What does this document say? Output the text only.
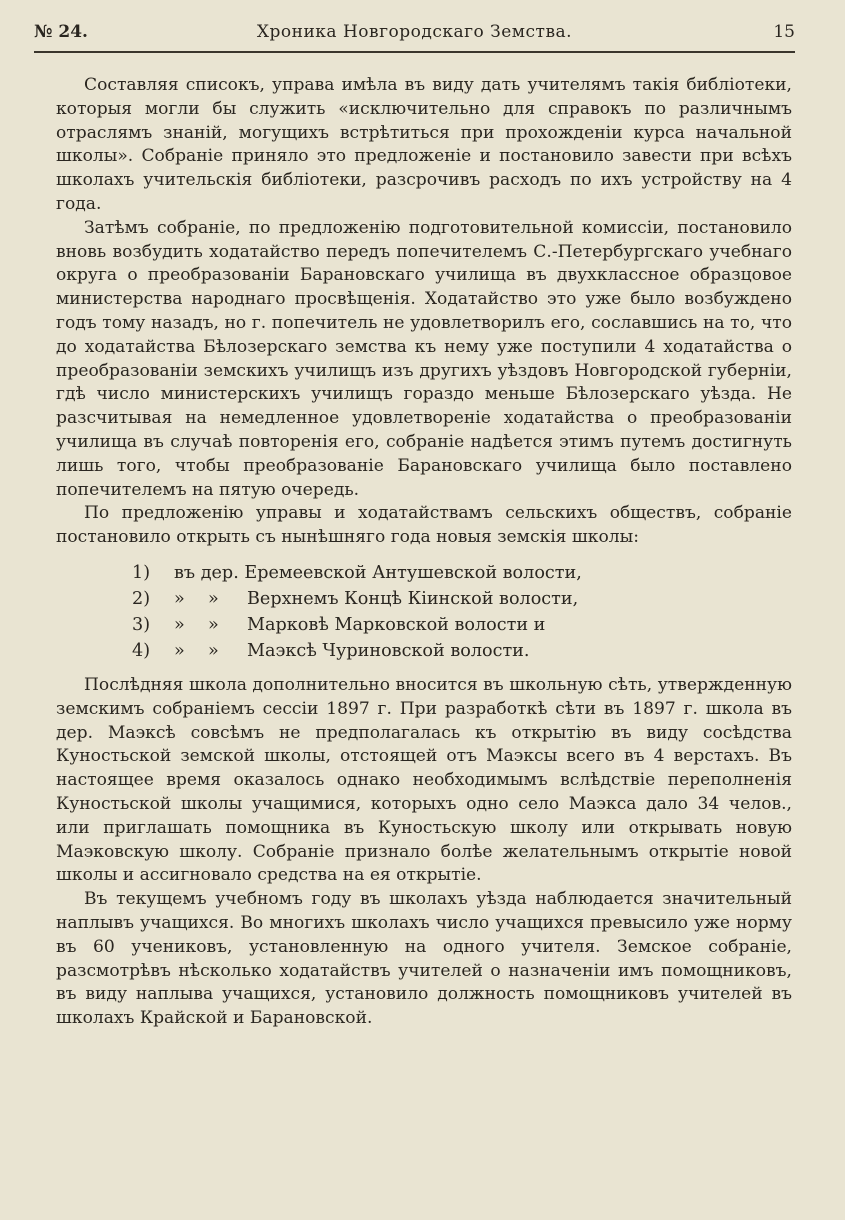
№ 24.	Хроника Новгородскаго Земства.	15

Составляя списокъ, управа имѣла въ виду дать учителямъ такія библіотеки, которыя могли бы служить «исключительно для справокъ по различнымъ отраслямъ знаній, могущихъ встрѣтиться при прохожденіи курса начальной школы». Собраніе приняло это предложеніе и постановило завести при всѣхъ школахъ учительскія библіотеки, разсрочивъ расходъ по ихъ устройству на 4 года.

Затѣмъ собраніе, по предложенію подготовительной комиссіи, постановило вновь возбудить ходатайство передъ попечителемъ С.-Петербургскаго учебнаго округа о преобразованіи Барановскаго училища въ двухклассное образцовое министерства народнаго просвѣщенія. Ходатайство это уже было возбуждено годъ тому назадъ, но г. попечитель не удовлетворилъ его, сославшись на то, что до ходатайства Бѣлозерскаго земства къ нему уже поступили 4 ходатайства о преобразованіи земскихъ училищъ изъ другихъ уѣздовъ Новгородской губерніи, гдѣ число министерскихъ училищъ гораздо меньше Бѣлозерскаго уѣзда. Не разсчитывая на немедленное удовлетвореніе ходатайства о преобразованіи училища въ случаѣ повторенія его, собраніе надѣется этимъ путемъ достигнуть лишь того, чтобы преобразованіе Барановскаго училища было поставлено попечителемъ на пятую очередь.

По предложенію управы и ходатайствамъ сельскихъ обществъ, собраніе постановило открыть съ нынѣшняго года новыя земскія школы:

1)	въ дер. Еремеевской Антушевской волости,
2)	»	»	Верхнемъ Концѣ Кіинской волости,
3)	»	»	Марковѣ Марковской волости и
4)	»	»	Маэксѣ Чуриновской волости.

Послѣдняя школа дополнительно вносится въ школьную сѣть, утвержденную земскимъ собраніемъ сессіи 1897 г. При разработкѣ сѣти въ 1897 г. школа въ дер. Маэксѣ совсѣмъ не предполагалась къ открытію въ виду сосѣдства Куностьской земской школы, отстоящей отъ Маэксы всего въ 4 верстахъ. Въ настоящее время оказалось однако необходимымъ вслѣдствіе переполненія Куностьской школы учащимися, которыхъ одно село Маэкса дало 34 челов., или приглашать помощника въ Куностьскую школу или открывать новую Маэковскую школу. Собраніе признало болѣе желательнымъ открытіе новой школы и ассигновало средства на ея открытіе.

Въ текущемъ учебномъ году въ школахъ уѣзда наблюдается значительный наплывъ учащихся. Во многихъ школахъ число учащихся превысило уже норму въ 60 учениковъ, установленную на одного учителя. Земское собраніе, разсмотрѣвъ нѣсколько ходатайствъ учителей о назначеніи имъ помощниковъ, въ виду наплыва учащихся, установило должность помощниковъ учителей въ школахъ Крайской и Барановской.
